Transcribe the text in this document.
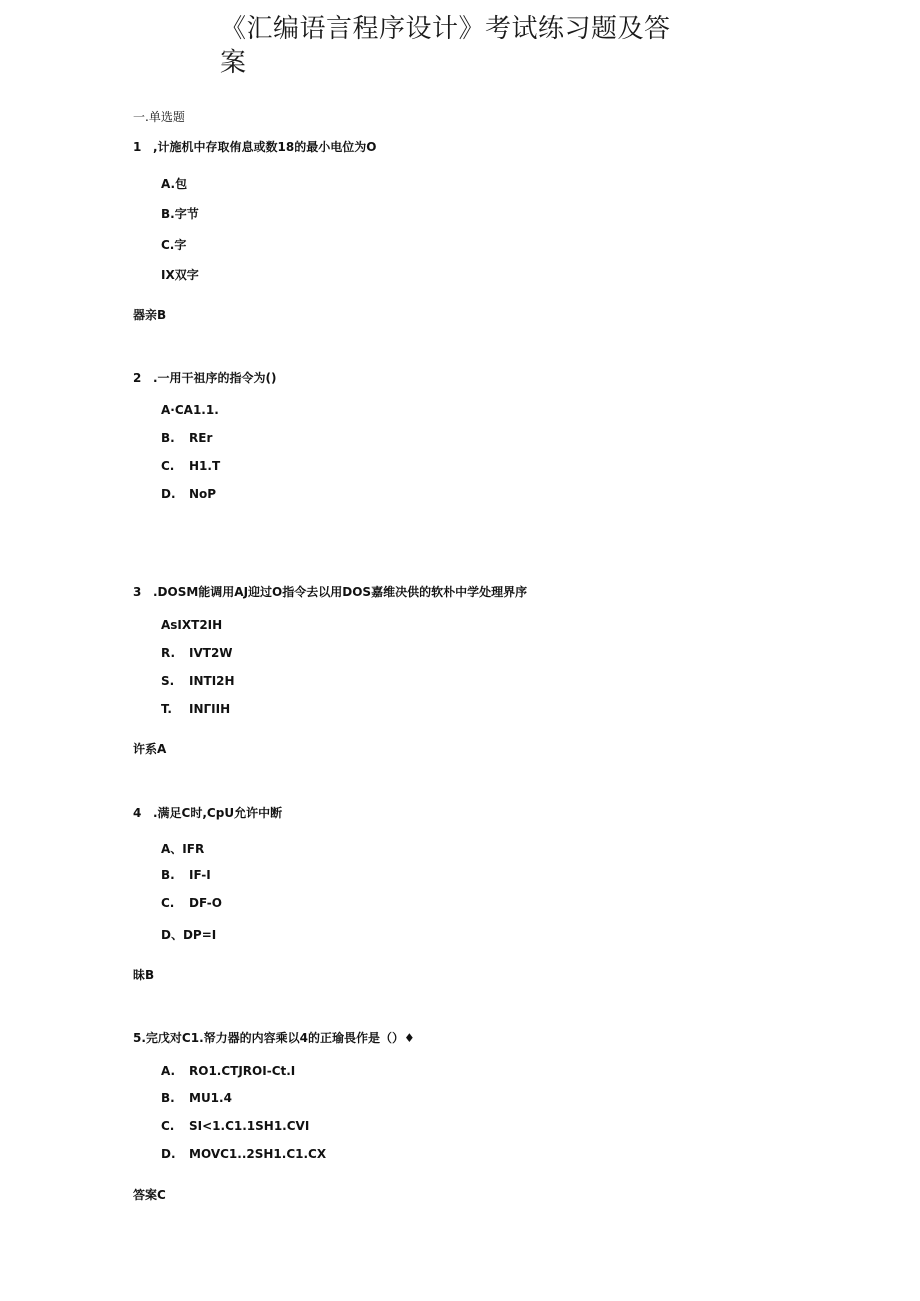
《汇编语言程序设计》考试练习题及答
案
一.单选题
1 ,计施机中存取侑息或数18的最小电位为O
A.包
B.字节
C.字
IX双字
器亲B
2 .一用干祖序的指令为()
A·CA1.1.
B. REr
C. H1.T
D. NoP
3 .DOSM能调用AJ迎过O指令去以用DOS嘉维决供的软朴中学处理界序
AsIXT2IH
R. IVT2W
S. INTI2H
T. INΓIIH
许系A
4 .满足C时,CpU允许中断
A、IFR
B. IF-I
C. DF-O
D、DP=I
昧B
5.完戊对C1.帑力器的内容乘以4的正瑜畏作是（）♦
A. RO1.CTJROI-Ct.I
B. MU1.4
C. SI<1.C1.1SH1.CVI
D. MOVC1..2SH1.C1.CX
答案C
